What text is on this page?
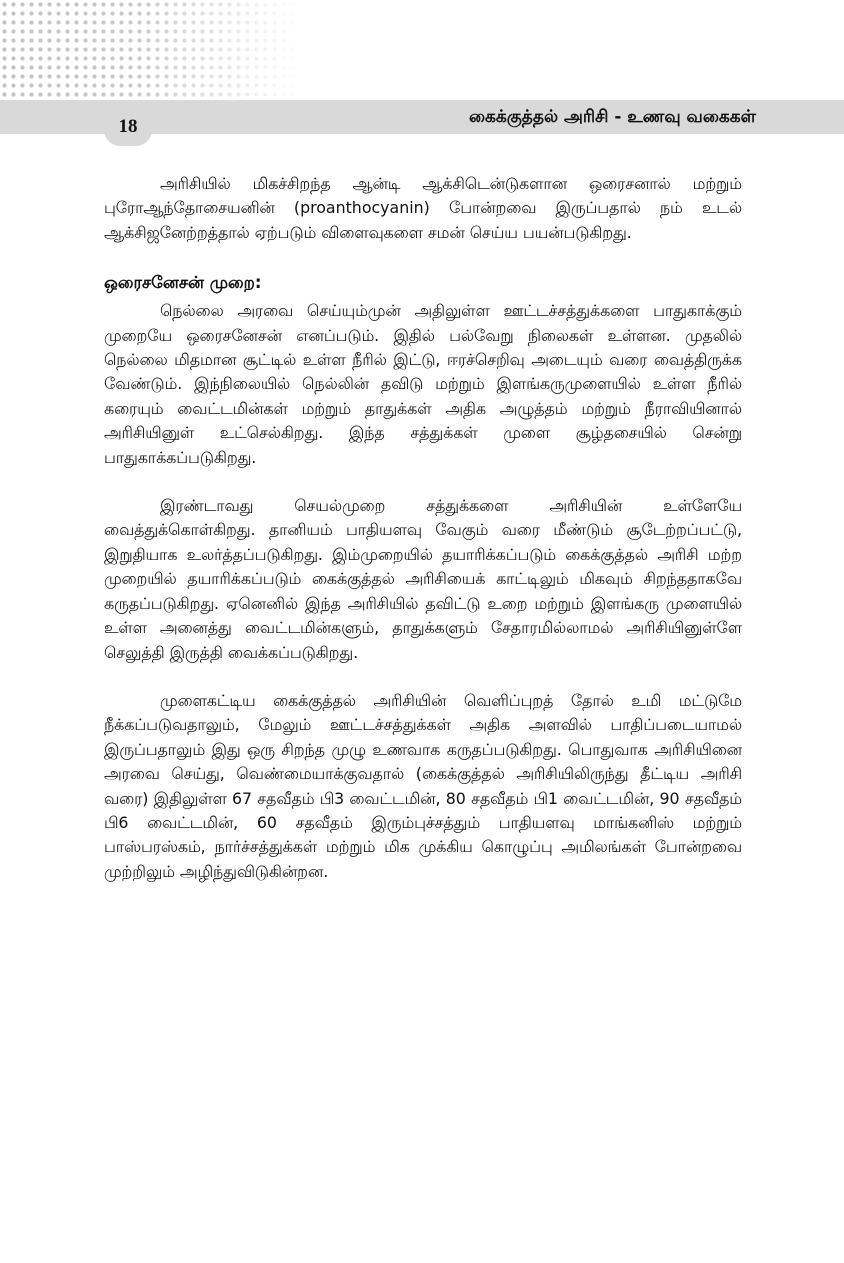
கைக்குத்தல் அரிசி - உணவு வகைகள்
18

அரிசியில் மிகச்சிறந்த ஆன்டி ஆக்சிடென்டுகளான ஒரைசனால் மற்றும் புரோஆந்தோசையனின் (proanthocyanin) போன்றவை இருப்பதால் நம் உடல் ஆக்சிஜனேற்றத்தால் ஏற்படும் விளைவுகளை சமன் செய்ய பயன்படுகிறது.

ஒரைசனேசன் முறை:

நெல்லை அரவை செய்யும்முன் அதிலுள்ள ஊட்டச்சத்துக்களை பாதுகாக்கும் முறையே ஒரைசனேசன் எனப்படும். இதில் பல்வேறு நிலைகள் உள்ளன. முதலில் நெல்லை மிதமான சூட்டில் உள்ள நீரில் இட்டு, ஈரச்செறிவு அடையும் வரை வைத்திருக்க வேண்டும். இந்நிலையில் நெல்லின் தவிடு மற்றும் இளங்கருமுளையில் உள்ள நீரில் கரையும் வைட்டமின்கள் மற்றும் தாதுக்கள் அதிக அழுத்தம் மற்றும் நீராவியினால் அரிசியினுள் உட்செல்கிறது. இந்த சத்துக்கள் முளை சூழ்தசையில் சென்று பாதுகாக்கப்படுகிறது.

இரண்டாவது செயல்முறை சத்துக்களை அரிசியின் உள்ளேயே வைத்துக்கொள்கிறது. தானியம் பாதியளவு வேகும் வரை மீண்டும் சூடேற்றப்பட்டு, இறுதியாக உலர்த்தப்படுகிறது. இம்முறையில் தயாரிக்கப்படும் கைக்குத்தல் அரிசி மற்ற முறையில் தயாரிக்கப்படும் கைக்குத்தல் அரிசியைக் காட்டிலும் மிகவும் சிறந்ததாகவே கருதப்படுகிறது. ஏனெனில் இந்த அரிசியில் தவிட்டு உறை மற்றும் இளங்கரு முளையில் உள்ள அனைத்து வைட்டமின்களும், தாதுக்களும் சேதாரமில்லாமல் அரிசியினுள்ளே செலுத்தி இருத்தி வைக்கப்படுகிறது.

முளைகட்டிய கைக்குத்தல் அரிசியின் வெளிப்புறத் தோல் உமி மட்டுமே நீக்கப்படுவதாலும், மேலும் ஊட்டச்சத்துக்கள் அதிக அளவில் பாதிப்படையாமல் இருப்பதாலும் இது ஒரு சிறந்த முழு உணவாக கருதப்படுகிறது. பொதுவாக அரிசியினை அரவை செய்து, வெண்மையாக்குவதால் (கைக்குத்தல் அரிசியிலிருந்து தீட்டிய அரிசி வரை) இதிலுள்ள 67 சதவீதம் பி3 வைட்டமின், 80 சதவீதம் பி1 வைட்டமின், 90 சதவீதம் பி6 வைட்டமின், 60 சதவீதம் இரும்புச்சத்தும் பாதியளவு மாங்கனிஸ் மற்றும் பாஸ்பரஸ்கம், நார்ச்சத்துக்கள் மற்றும் மிக முக்கிய கொழுப்பு அமிலங்கள் போன்றவை முற்றிலும் அழிந்துவிடுகின்றன.
